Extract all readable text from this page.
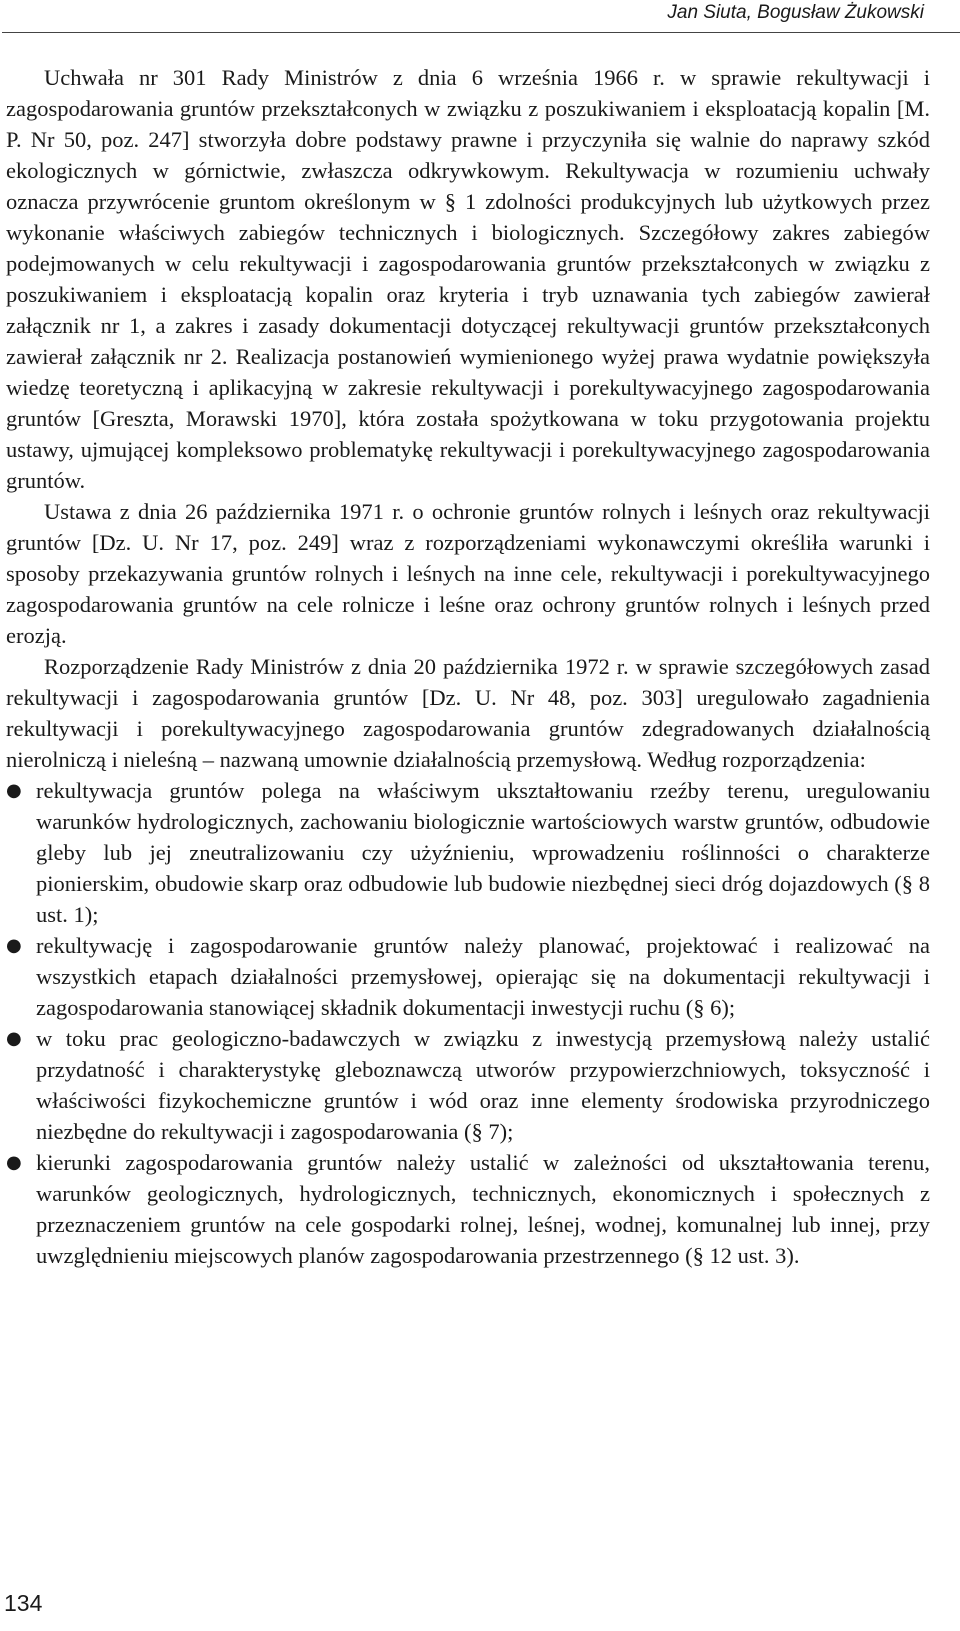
Jan Siuta, Bogusław Żukowski

Uchwała nr 301 Rady Ministrów z dnia 6 września 1966 r. w sprawie rekultywacji i zagospodarowania gruntów przekształconych w związku z poszukiwaniem i eksploatacją kopalin [M. P. Nr 50, poz. 247] stworzyła dobre podstawy prawne i przyczyniła się walnie do naprawy szkód ekologicznych w górnictwie, zwłaszcza odkrywkowym. Rekultywacja w rozumieniu uchwały oznacza przywrócenie gruntom określonym w § 1 zdolności produkcyjnych lub użytkowych przez wykonanie właściwych zabiegów technicznych i biologicznych. Szczegółowy zakres zabiegów podejmowanych w celu rekultywacji i zagospodarowania gruntów przekształconych w związku z poszukiwaniem i eksploatacją kopalin oraz kryteria i tryb uznawania tych zabiegów zawierał załącznik nr 1, a zakres i zasady dokumentacji dotyczącej rekultywacji gruntów przekształconych zawierał załącznik nr 2. Realizacja postanowień wymienionego wyżej prawa wydatnie powiększyła wiedzę teoretyczną i aplikacyjną w zakresie rekultywacji i porekultywacyjnego zagospodarowania gruntów [Greszta, Morawski 1970], która została spożytkowana w toku przygotowania projektu ustawy, ujmującej kompleksowo problematykę rekultywacji i porekultywacyjnego zagospodarowania gruntów.

Ustawa z dnia 26 października 1971 r. o ochronie gruntów rolnych i leśnych oraz rekultywacji gruntów [Dz. U. Nr 17, poz. 249] wraz z rozporządzeniami wykonawczymi określiła warunki i sposoby przekazywania gruntów rolnych i leśnych na inne cele, rekultywacji i porekultywacyjnego zagospodarowania gruntów na cele rolnicze i leśne oraz ochrony gruntów rolnych i leśnych przed erozją.

Rozporządzenie Rady Ministrów z dnia 20 października 1972 r. w sprawie szczegółowych zasad rekultywacji i zagospodarowania gruntów [Dz. U. Nr 48, poz. 303] uregulowało zagadnienia rekultywacji i porekultywacyjnego zagospodarowania gruntów zdegradowanych działalnością nierolniczą i nieleśną – nazwaną umownie działalnością przemysłową. Według rozporządzenia:

● rekultywacja gruntów polega na właściwym ukształtowaniu rzeźby terenu, uregulowaniu warunków hydrologicznych, zachowaniu biologicznie wartościowych warstw gruntów, odbudowie gleby lub jej zneutralizowaniu czy użyźnieniu, wprowadzeniu roślinności o charakterze pionierskim, obudowie skarp oraz odbudowie lub budowie niezbędnej sieci dróg dojazdowych (§ 8 ust. 1);
● rekultywację i zagospodarowanie gruntów należy planować, projektować i realizować na wszystkich etapach działalności przemysłowej, opierając się na dokumentacji rekultywacji i zagospodarowania stanowiącej składnik dokumentacji inwestycji ruchu (§ 6);
● w toku prac geologiczno-badawczych w związku z inwestycją przemysłową należy ustalić przydatność i charakterystykę gleboznawczą utworów przypowierzchniowych, toksyczność i właściwości fizykochemiczne gruntów i wód oraz inne elementy środowiska przyrodniczego niezbędne do rekultywacji i zagospodarowania (§ 7);
● kierunki zagospodarowania gruntów należy ustalić w zależności od ukształtowania terenu, warunków geologicznych, hydrologicznych, technicznych, ekonomicznych i społecznych z przeznaczeniem gruntów na cele gospodarki rolnej, leśnej, wodnej, komunalnej lub innej, przy uwzględnieniu miejscowych planów zagospodarowania przestrzennego (§ 12 ust. 3).
134
